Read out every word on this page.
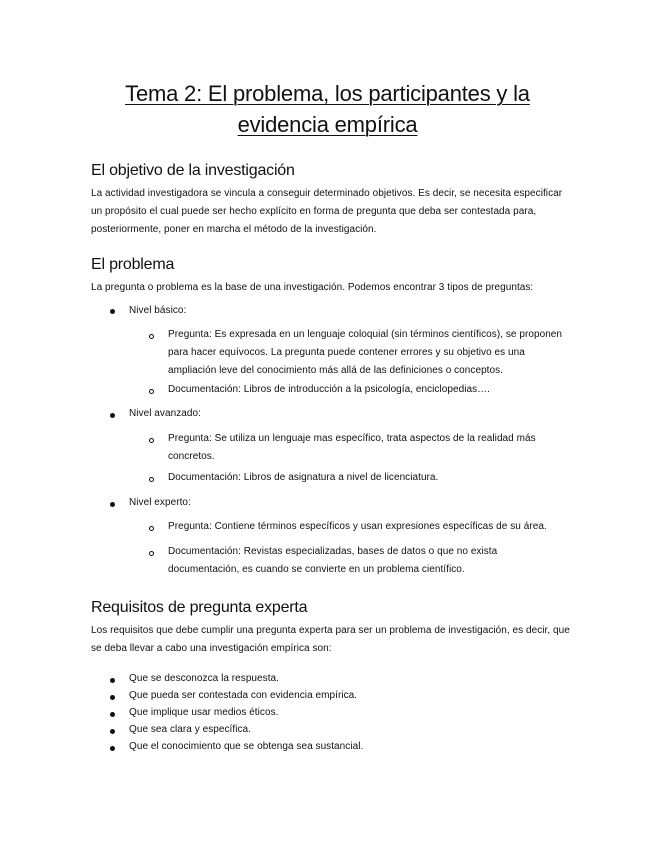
Tema 2: El problema, los participantes y la
evidencia empírica
El objetivo de la investigación

La actividad investigadora se vincula a conseguir determinado objetivos. Es decir, se necesita especificar un propósito el cual puede ser hecho explícito en forma de pregunta que deba ser contestada para, posteriormente, poner en marcha el método de la investigación.

El problema

La pregunta o problema es la base de una investigación. Podemos encontrar 3 tipos de preguntas:

Nivel básico:

Pregunta: Es expresada en un lenguaje coloquial (sin términos científicos), se proponen para hacer equívocos. La pregunta puede contener errores y su objetivo es una ampliación leve del conocimiento más allá de las definiciones o conceptos.

Documentación: Libros de introducción a la psicología, enciclopedias….

Nivel avanzado:

Pregunta: Se utiliza un lenguaje mas específico, trata aspectos de la realidad más concretos.

Documentación: Libros de asignatura a nivel de licenciatura.

Nivel experto:

Pregunta: Contiene términos específicos y usan expresiones específicas de su área.

Documentación: Revistas especializadas, bases de datos o que no exista documentación, es cuando se convierte en un problema científico.

Requisitos de pregunta experta

Los requisitos que debe cumplir una pregunta experta para ser un problema de investigación, es decir, que se deba llevar a cabo una investigación empírica son:

Que se desconozca la respuesta.

Que pueda ser contestada con evidencia empírica.

Que implique usar medios éticos.

Que sea clara y específica.

Que el conocimiento que se obtenga sea sustancial.
